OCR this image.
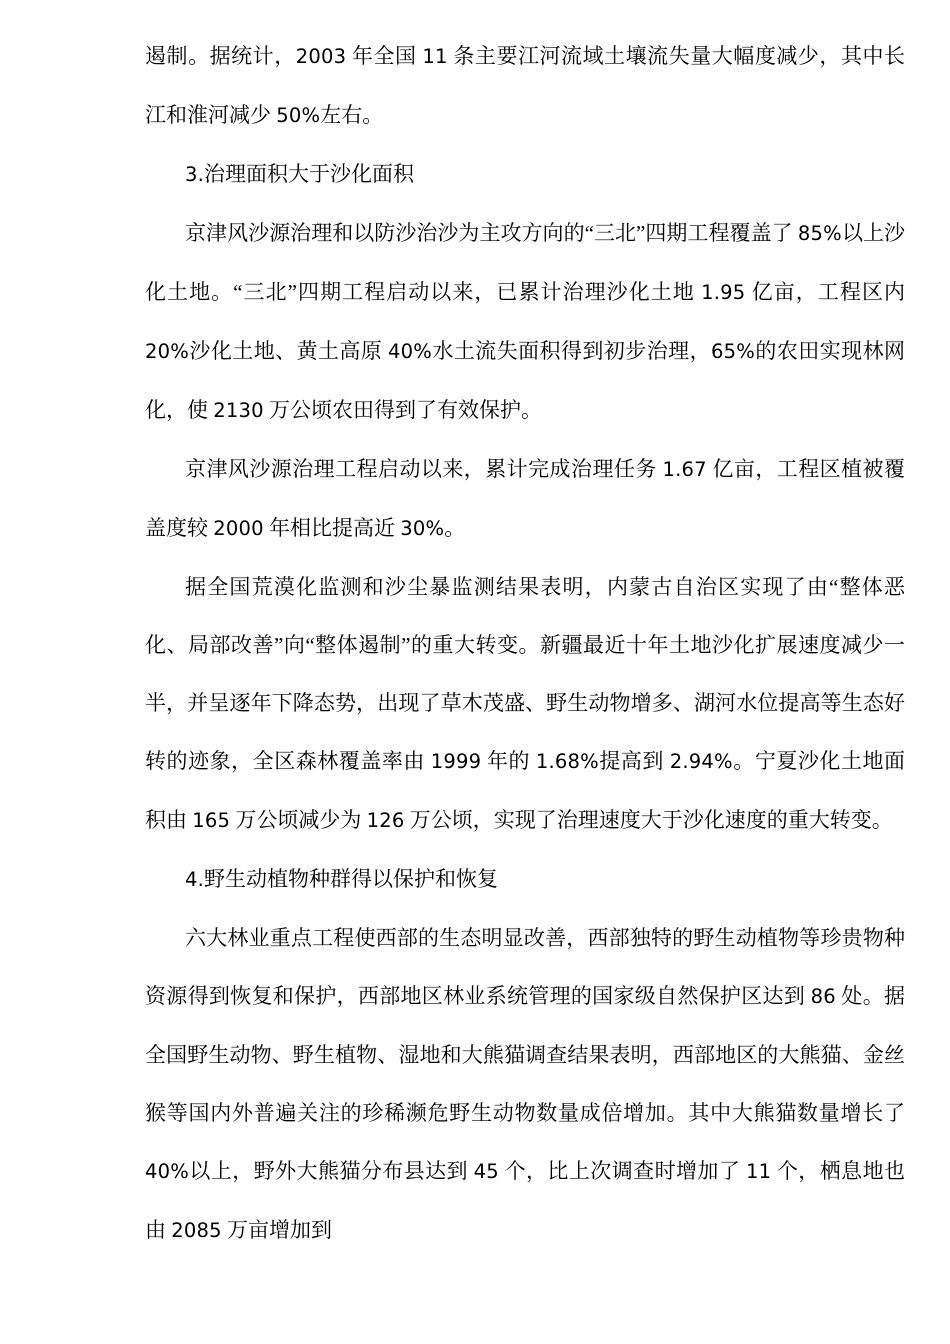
遏制。据统计，2003 年全国 11 条主要江河流域土壤流失量大幅度减少，其中长江和淮河减少 50%左右。

3.治理面积大于沙化面积

京津风沙源治理和以防沙治沙为主攻方向的“三北”四期工程覆盖了 85%以上沙化土地。“三北”四期工程启动以来，已累计治理沙化土地 1.95 亿亩，工程区内 20%沙化土地、黄土高原 40%水土流失面积得到初步治理，65%的农田实现林网化，使 2130 万公顷农田得到了有效保护。

京津风沙源治理工程启动以来，累计完成治理任务 1.67 亿亩，工程区植被覆盖度较 2000 年相比提高近 30%。

据全国荒漠化监测和沙尘暴监测结果表明，内蒙古自治区实现了由“整体恶化、局部改善”向“整体遏制”的重大转变。新疆最近十年土地沙化扩展速度减少一半，并呈逐年下降态势，出现了草木茂盛、野生动物增多、湖河水位提高等生态好转的迹象，全区森林覆盖率由 1999 年的 1.68%提高到 2.94%。宁夏沙化土地面积由 165 万公顷减少为 126 万公顷，实现了治理速度大于沙化速度的重大转变。

4.野生动植物种群得以保护和恢复

六大林业重点工程使西部的生态明显改善，西部独特的野生动植物等珍贵物种资源得到恢复和保护，西部地区林业系统管理的国家级自然保护区达到 86 处。据全国野生动物、野生植物、湿地和大熊猫调查结果表明，西部地区的大熊猫、金丝猴等国内外普遍关注的珍稀濒危野生动物数量成倍增加。其中大熊猫数量增长了 40%以上，野外大熊猫分布县达到 45 个，比上次调查时增加了 11 个，栖息地也由 2085 万亩增加到
